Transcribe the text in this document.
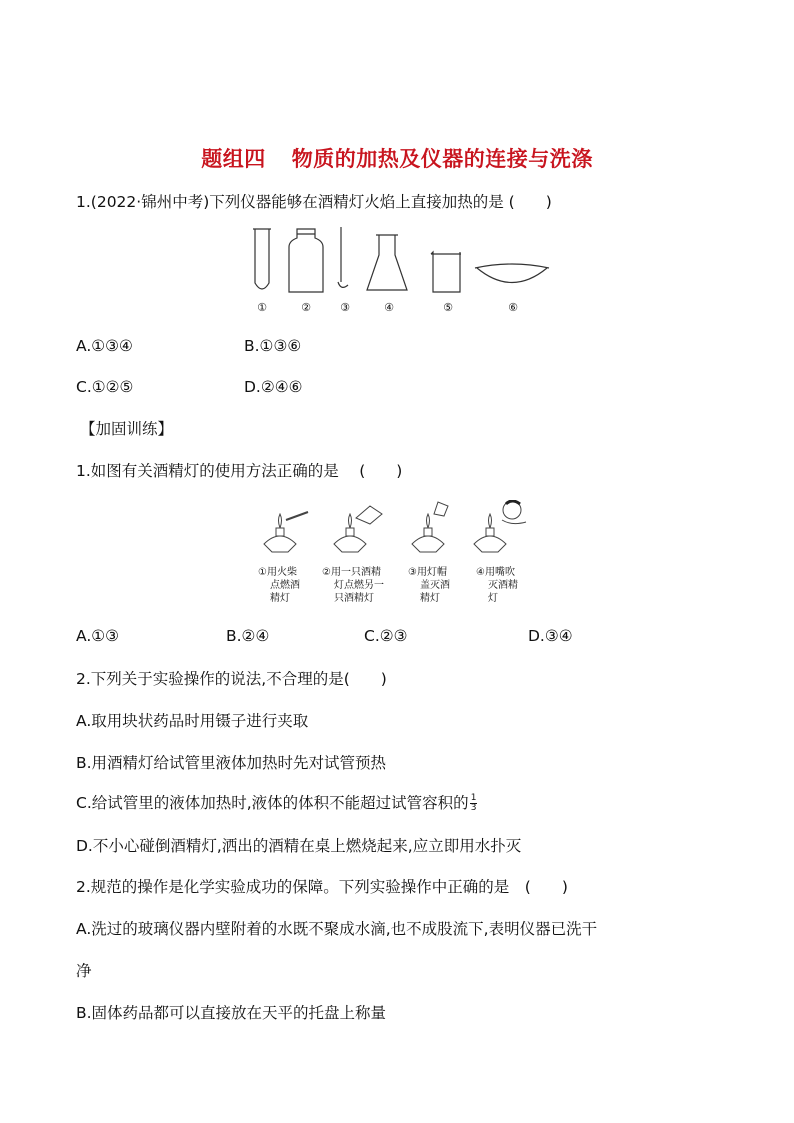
题组四 物质的加热及仪器的连接与洗涤
1.(2022·锦州中考)下列仪器能够在酒精灯火焰上直接加热的是 (　　)
①	②	③	④	⑤	⑥
A.①③④	B.①③⑥
C.①②⑤	D.②④⑥
【加固训练】
1.如图有关酒精灯的使用方法正确的是　 (　　)
①用火柴
点燃酒
精灯
②用一只酒精
灯点燃另一
只酒精灯
③用灯帽
盖灭酒
精灯
④用嘴吹
灭酒精
灯
A.①③	B.②④	C.②③	D.③④
2.下列关于实验操作的说法,不合理的是(　　)
A.取用块状药品时用镊子进行夹取
B.用酒精灯给试管里液体加热时先对试管预热
C.给试管里的液体加热时,液体的体积不能超过试管容积的 $\frac{1}{3}$
D.不小心碰倒酒精灯,洒出的酒精在桌上燃烧起来,应立即用水扑灭
2.规范的操作是化学实验成功的保障。下列实验操作中正确的是　(　　)
A.洗过的玻璃仪器内壁附着的水既不聚成水滴,也不成股流下,表明仪器已洗干
净
B.固体药品都可以直接放在天平的托盘上称量
